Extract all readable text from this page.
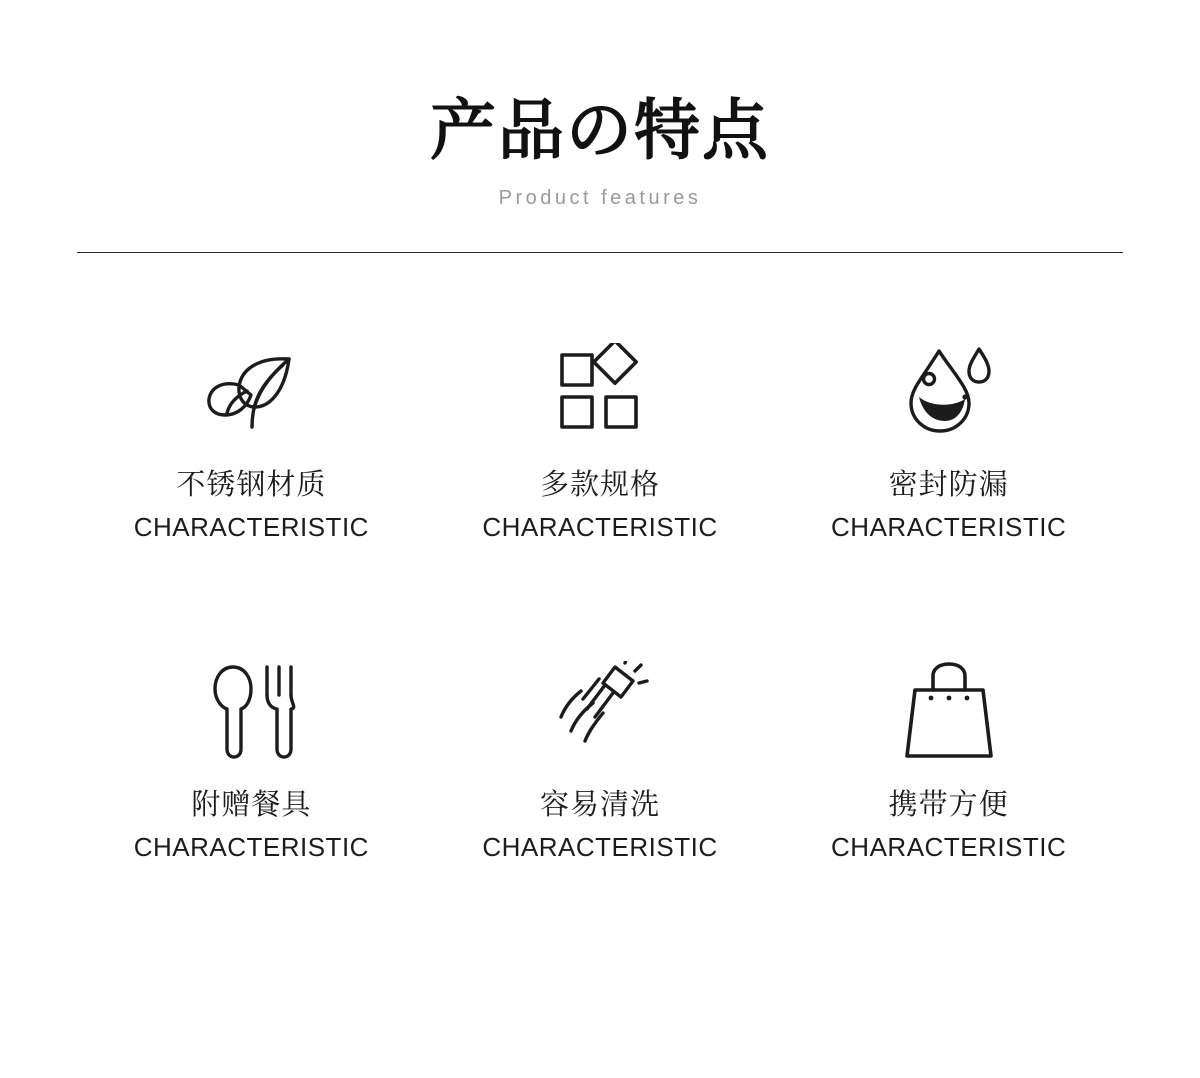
产品の特点
Product features
不锈钢材质
CHARACTERISTIC
多款规格
CHARACTERISTIC
密封防漏
CHARACTERISTIC
附赠餐具
CHARACTERISTIC
容易清洗
CHARACTERISTIC
携带方便
CHARACTERISTIC
